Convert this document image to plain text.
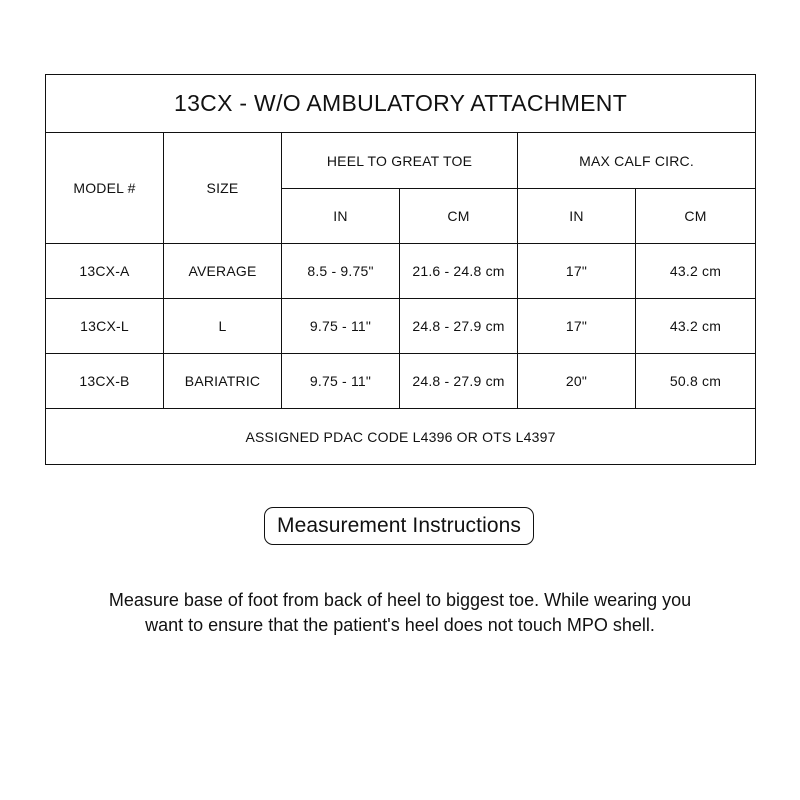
13CX - W/O AMBULATORY ATTACHMENT					
MODEL #	SIZE	HEEL TO GREAT TOE		MAX CALF CIRC.	
		IN	CM	IN	CM
13CX-A	AVERAGE	8.5 - 9.75"	21.6 - 24.8 cm	17"	43.2 cm
13CX-L	L	9.75 - 11"	24.8 - 27.9 cm	17"	43.2 cm
13CX-B	BARIATRIC	9.75 - 11"	24.8 - 27.9 cm	20"	50.8 cm
ASSIGNED PDAC CODE L4396 OR OTS L4397					
Measurement Instructions
Measure base of foot from back of heel to biggest toe. While wearing you
want to ensure that the patient's heel does not touch MPO shell.
